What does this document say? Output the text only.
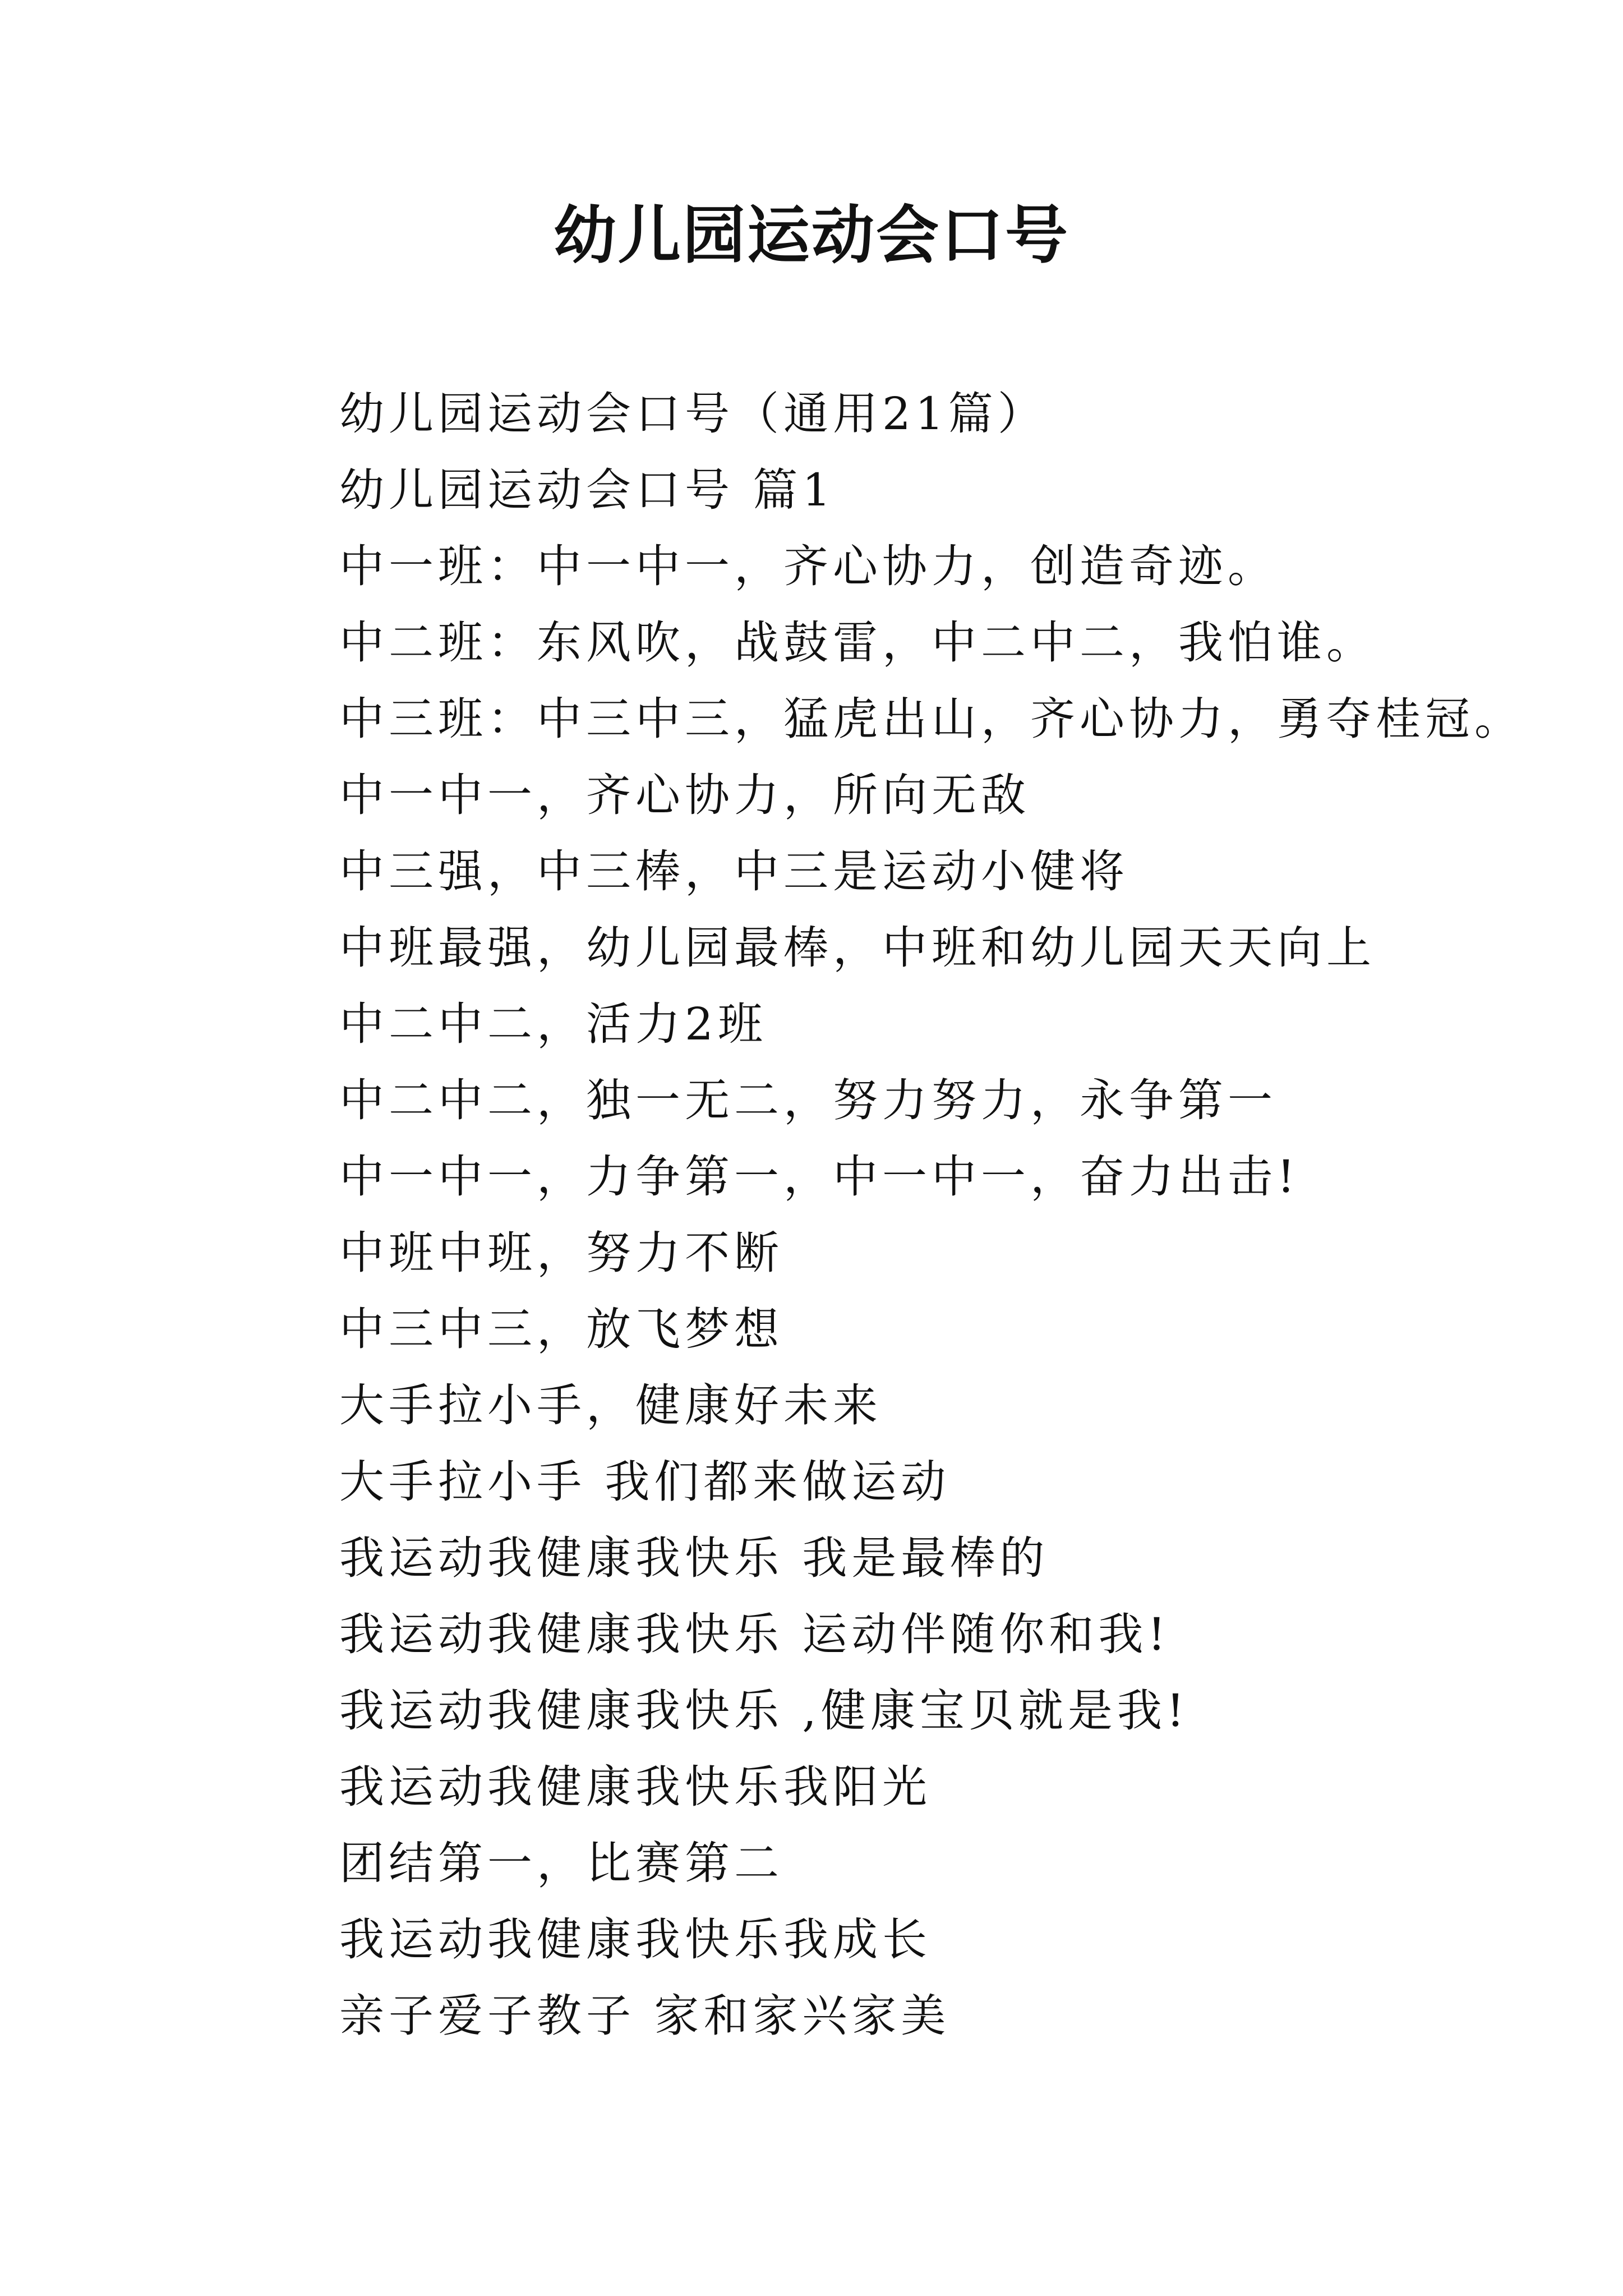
幼儿园运动会口号
幼儿园运动会口号（通用21篇）
幼儿园运动会口号 篇1
中一班：中一中一，齐心协力，创造奇迹。
中二班：东风吹，战鼓雷，中二中二，我怕谁。
中三班：中三中三，猛虎出山，齐心协力，勇夺桂冠。
中一中一，齐心协力，所向无敌
中三强，中三棒，中三是运动小健将
中班最强，幼儿园最棒，中班和幼儿园天天向上
中二中二，活力2班
中二中二，独一无二，努力努力，永争第一
中一中一，力争第一，中一中一，奋力出击!
中班中班，努力不断
中三中三，放飞梦想
大手拉小手，健康好未来
大手拉小手 我们都来做运动
我运动我健康我快乐 我是最棒的
我运动我健康我快乐 运动伴随你和我!
我运动我健康我快乐 ,健康宝贝就是我!
我运动我健康我快乐我阳光
团结第一，比赛第二
我运动我健康我快乐我成长
亲子爱子教子 家和家兴家美
